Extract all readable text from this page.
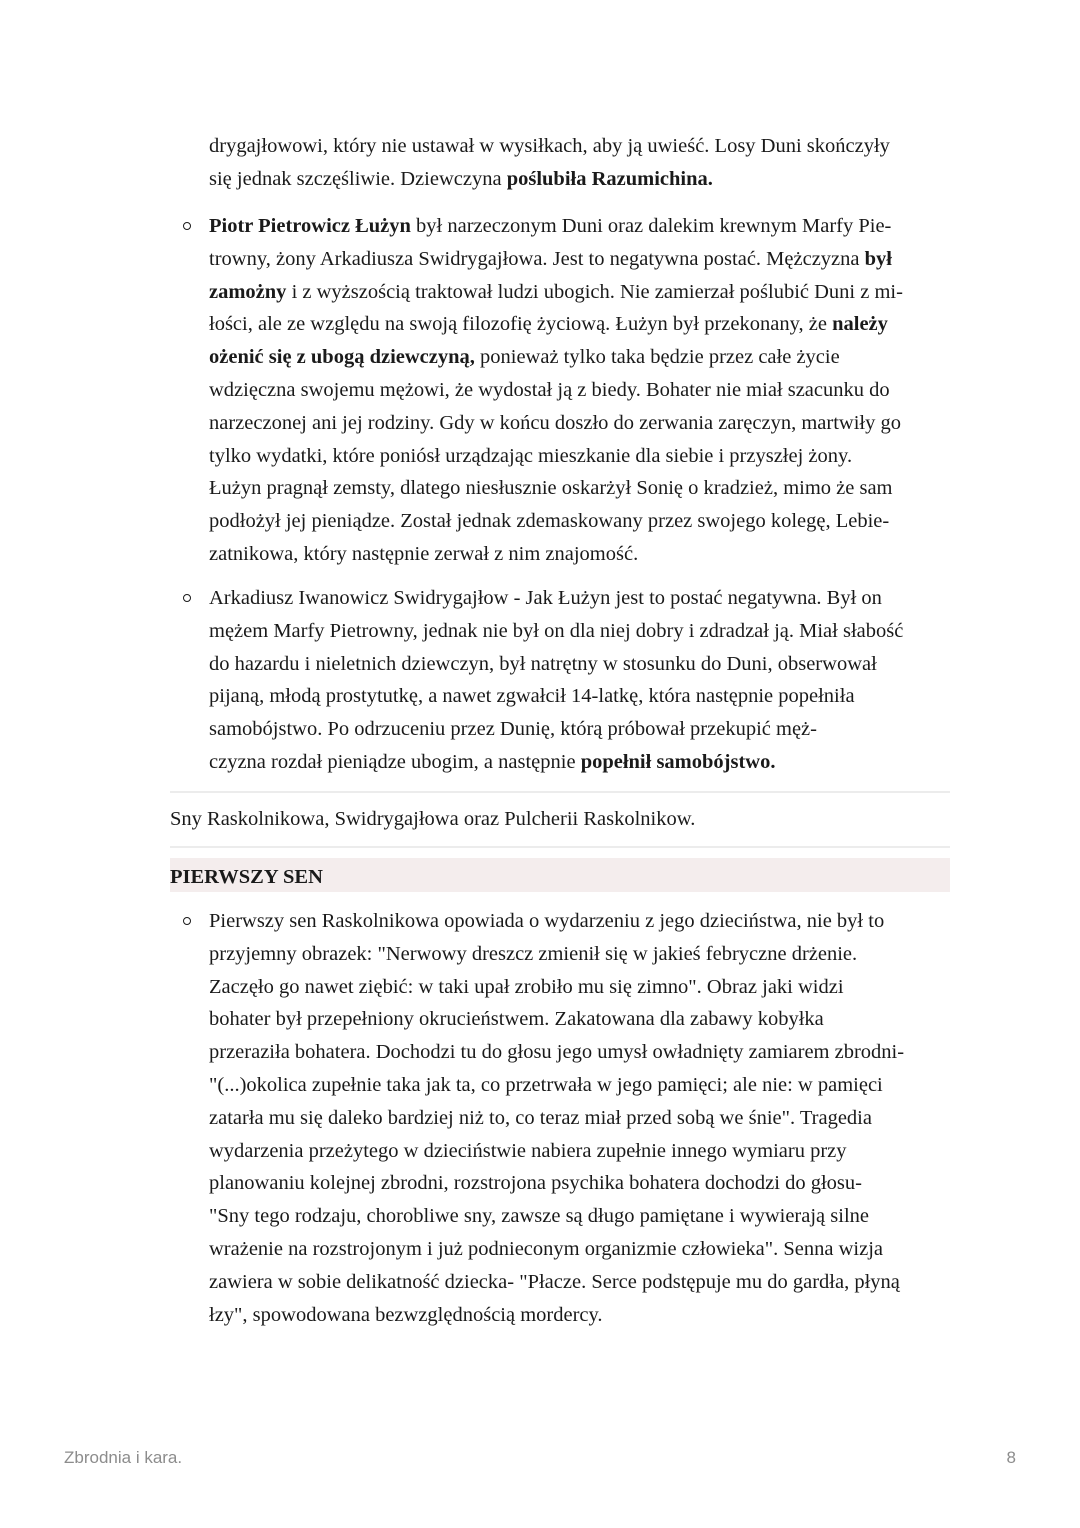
drygajłowowi, który nie ustawał w wysiłkach, aby ją uwieść. Losy Duni skończyły

się jednak szczęśliwie. Dziewczyna poślubiła Razumichina.

Piotr Pietrowicz Łużyn był narzeczonym Duni oraz dalekim krewnym Marfy Pie-

trowny, żony Arkadiusza Swidrygajłowa. Jest to negatywna postać. Mężczyzna był

zamożny i z wyższością traktował ludzi ubogich. Nie zamierzał poślubić Duni z mi-

łości, ale ze względu na swoją filozofię życiową. Łużyn był przekonany, że należy

ożenić się z ubogą dziewczyną, ponieważ tylko taka będzie przez całe życie

wdzięczna swojemu mężowi, że wydostał ją z biedy. Bohater nie miał szacunku do

narzeczonej ani jej rodziny. Gdy w końcu doszło do zerwania zaręczyn, martwiły go

tylko wydatki, które poniósł urządzając mieszkanie dla siebie i przyszłej żony.

Łużyn pragnął zemsty, dlatego niesłusznie oskarżył Sonię o kradzież, mimo że sam

podłożył jej pieniądze. Został jednak zdemaskowany przez swojego kolegę, Lebie-

zatnikowa, który następnie zerwał z nim znajomość.

Arkadiusz Iwanowicz Swidrygajłow - Jak Łużyn jest to postać negatywna. Był on

mężem Marfy Pietrowny, jednak nie był on dla niej dobry i zdradzał ją. Miał słabość

do hazardu i nieletnich dziewczyn, był natrętny w stosunku do Duni, obserwował

pijaną, młodą prostytutkę, a nawet zgwałcił 14-latkę, która następnie popełniła

samobójstwo. Po odrzuceniu przez Dunię, którą próbował przekupić męż-

czyzna rozdał pieniądze ubogim, a następnie popełnił samobójstwo.

Sny Raskolnikowa, Swidrygajłowa oraz Pulcherii Raskolnikow.

PIERWSZY SEN

Pierwszy sen Raskolnikowa opowiada o wydarzeniu z jego dzieciństwa, nie był to

przyjemny obrazek: "Nerwowy dreszcz zmienił się w jakieś febryczne drżenie.

Zaczęło go nawet ziębić: w taki upał zrobiło mu się zimno". Obraz jaki widzi

bohater był przepełniony okrucieństwem. Zakatowana dla zabawy kobyłka

przeraziła bohatera. Dochodzi tu do głosu jego umysł owładnięty zamiarem zbrodni-

"(...)okolica zupełnie taka jak ta, co przetrwała w jego pamięci; ale nie: w pamięci

zatarła mu się daleko bardziej niż to, co teraz miał przed sobą we śnie". Tragedia

wydarzenia przeżytego w dzieciństwie nabiera zupełnie innego wymiaru przy

planowaniu kolejnej zbrodni, rozstrojona psychika bohatera dochodzi do głosu-

"Sny tego rodzaju, chorobliwe sny, zawsze są długo pamiętane i wywierają silne

wrażenie na rozstrojonym i już podnieconym organizmie człowieka". Senna wizja

zawiera w sobie delikatność dziecka- "Płacze. Serce podstępuje mu do gardła, płyną

łzy", spowodowana bezwzględnością mordercy.

Zbrodnia i kara.	8
